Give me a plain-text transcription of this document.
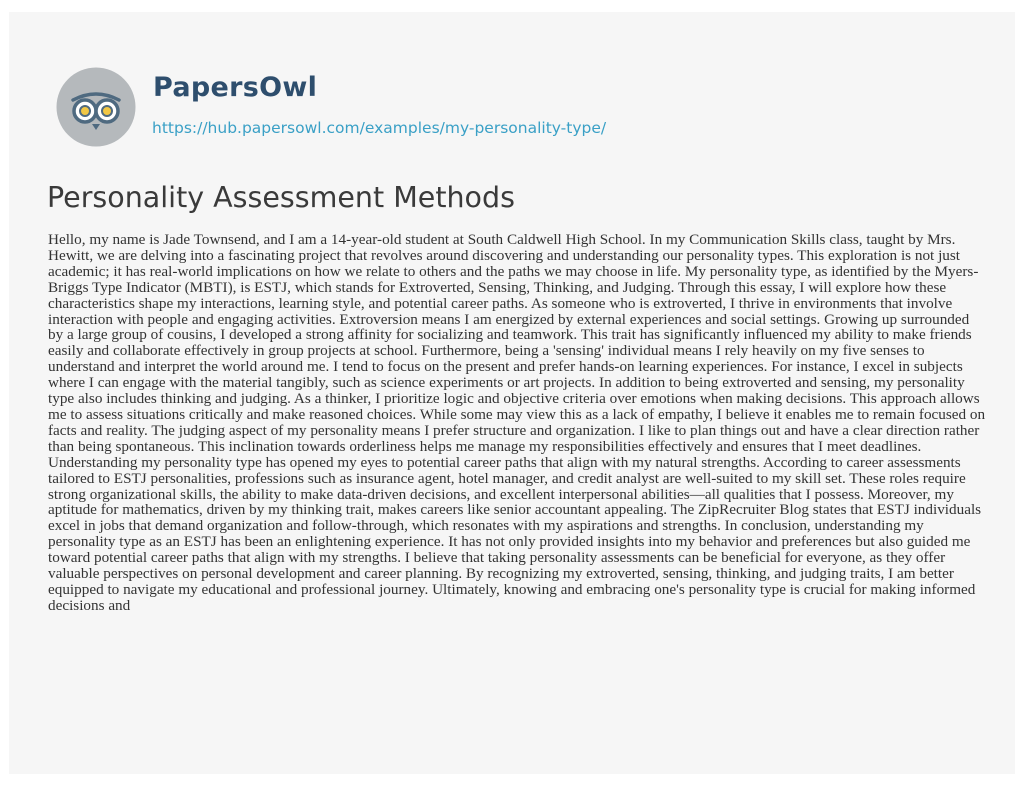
PapersOwl
https://hub.papersowl.com/examples/my-personality-type/
Personality Assessment Methods

Hello, my name is Jade Townsend, and I am a 14-year-old student at South Caldwell High School. In my Communication Skills class, taught by Mrs. Hewitt, we are delving into a fascinating project that revolves around discovering and understanding our personality types. This exploration is not just academic; it has real-world implications on how we relate to others and the paths we may choose in life. My personality type, as identified by the Myers-Briggs Type Indicator (MBTI), is ESTJ, which stands for Extroverted, Sensing, Thinking, and Judging. Through this essay, I will explore how these characteristics shape my interactions, learning style, and potential career paths. As someone who is extroverted, I thrive in environments that involve interaction with people and engaging activities. Extroversion means I am energized by external experiences and social settings. Growing up surrounded by a large group of cousins, I developed a strong affinity for socializing and teamwork. This trait has significantly influenced my ability to make friends easily and collaborate effectively in group projects at school. Furthermore, being a 'sensing' individual means I rely heavily on my five senses to understand and interpret the world around me. I tend to focus on the present and prefer hands-on learning experiences. For instance, I excel in subjects where I can engage with the material tangibly, such as science experiments or art projects. In addition to being extroverted and sensing, my personality type also includes thinking and judging. As a thinker, I prioritize logic and objective criteria over emotions when making decisions. This approach allows me to assess situations critically and make reasoned choices. While some may view this as a lack of empathy, I believe it enables me to remain focused on facts and reality. The judging aspect of my personality means I prefer structure and organization. I like to plan things out and have a clear direction rather than being spontaneous. This inclination towards orderliness helps me manage my responsibilities effectively and ensures that I meet deadlines. Understanding my personality type has opened my eyes to potential career paths that align with my natural strengths. According to career assessments tailored to ESTJ personalities, professions such as insurance agent, hotel manager, and credit analyst are well-suited to my skill set. These roles require strong organizational skills, the ability to make data-driven decisions, and excellent interpersonal abilities—all qualities that I possess. Moreover, my aptitude for mathematics, driven by my thinking trait, makes careers like senior accountant appealing. The ZipRecruiter Blog states that ESTJ individuals excel in jobs that demand organization and follow-through, which resonates with my aspirations and strengths. In conclusion, understanding my personality type as an ESTJ has been an enlightening experience. It has not only provided insights into my behavior and preferences but also guided me toward potential career paths that align with my strengths. I believe that taking personality assessments can be beneficial for everyone, as they offer valuable perspectives on personal development and career planning. By recognizing my extroverted, sensing, thinking, and judging traits, I am better equipped to navigate my educational and professional journey. Ultimately, knowing and embracing one's personality type is crucial for making informed decisions and
